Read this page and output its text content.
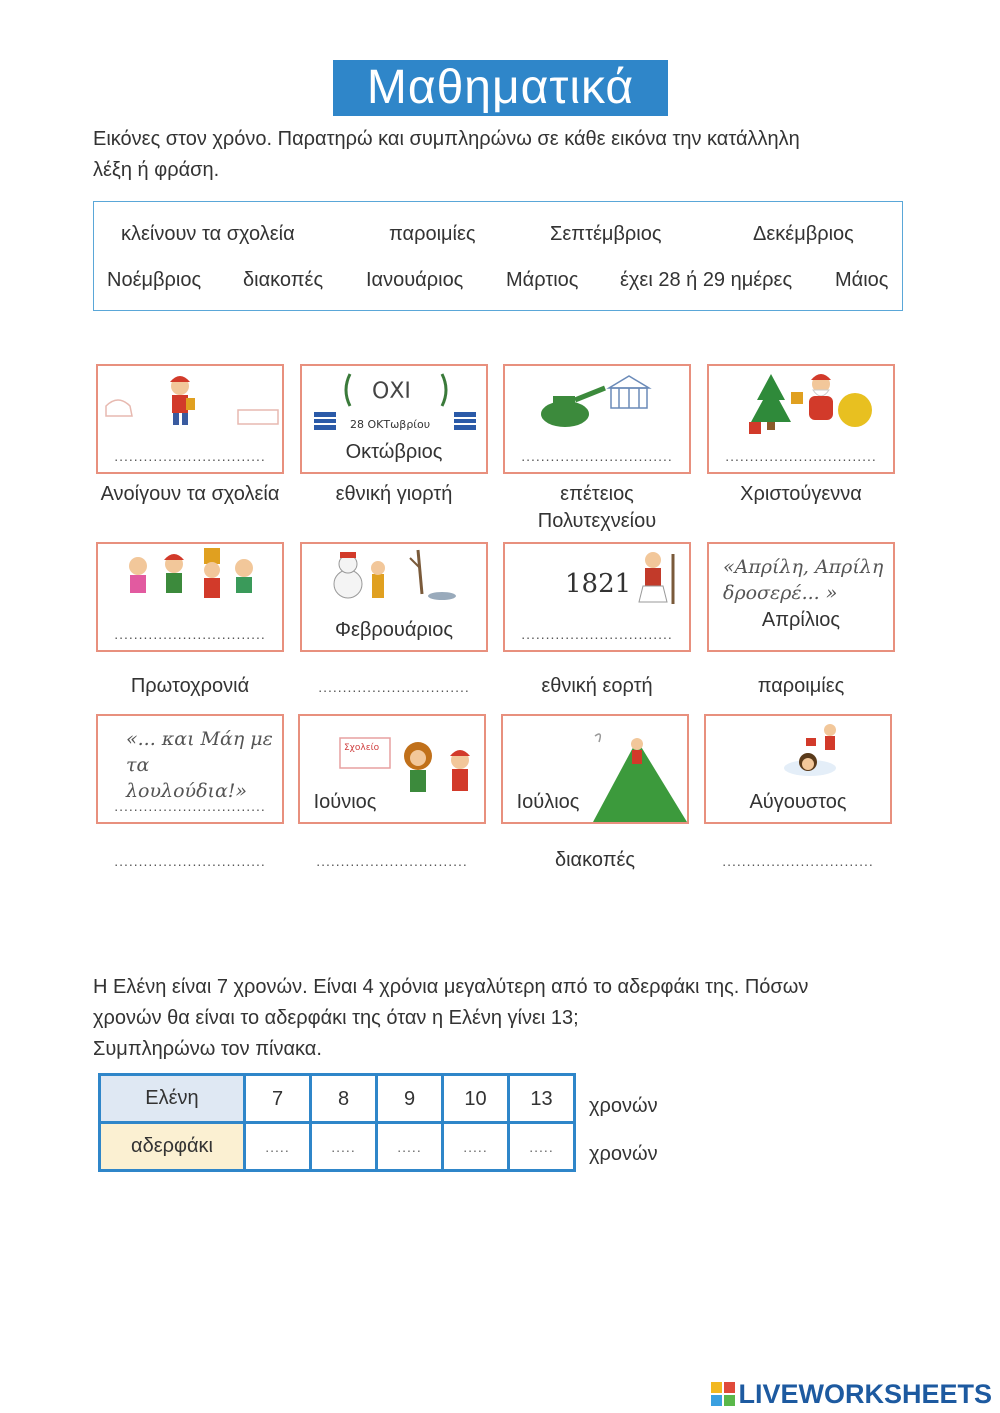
Μαθηματικά
Εικόνες στον χρόνο. Παρατηρώ και συμπληρώνω σε κάθε εικόνα την κατάλληλη
λέξη ή φράση.
κλείνουν τα σχολεία	παροιμίες	Σεπτέμβριος	Δεκέμβριος
Νοέμβριος διακοπές Ιανουάριος Μάρτιος έχει 28 ή 29 ημέρες Μάιος
...............................
Ανοίγουν τα σχολεία
ΟΧΙ
28 ΟΚΤωβρίου
Οκτώβριος
εθνική γιορτή
...............................
επέτειος
Πολυτεχνείου
...............................
Χριστούγεννα
...............................
Πρωτοχρονιά
Φεβρουάριος
...............................
1821
...............................
εθνική εορτή
«Απρίλη, Απρίλη
δροσερέ... »
Απρίλιος
παροιμίες
«... και Μάη με
τα λουλούδια!»
...............................
...............................
Σχολείο
Ιούνιος
...............................
Ιούλιος
διακοπές
Αύγουστος
...............................
Η Ελένη είναι 7 χρονών. Είναι 4 χρόνια μεγαλύτερη από το αδερφάκι της. Πόσων
χρονών θα είναι το αδερφάκι της όταν η Ελένη γίνει 13;
Συμπληρώνω τον πίνακα.
Ελένη	7	8	9	10	13
αδερφάκι	.....	.....	.....	.....	.....
χρονών
χρονών
LIVEWORKSHEETS
